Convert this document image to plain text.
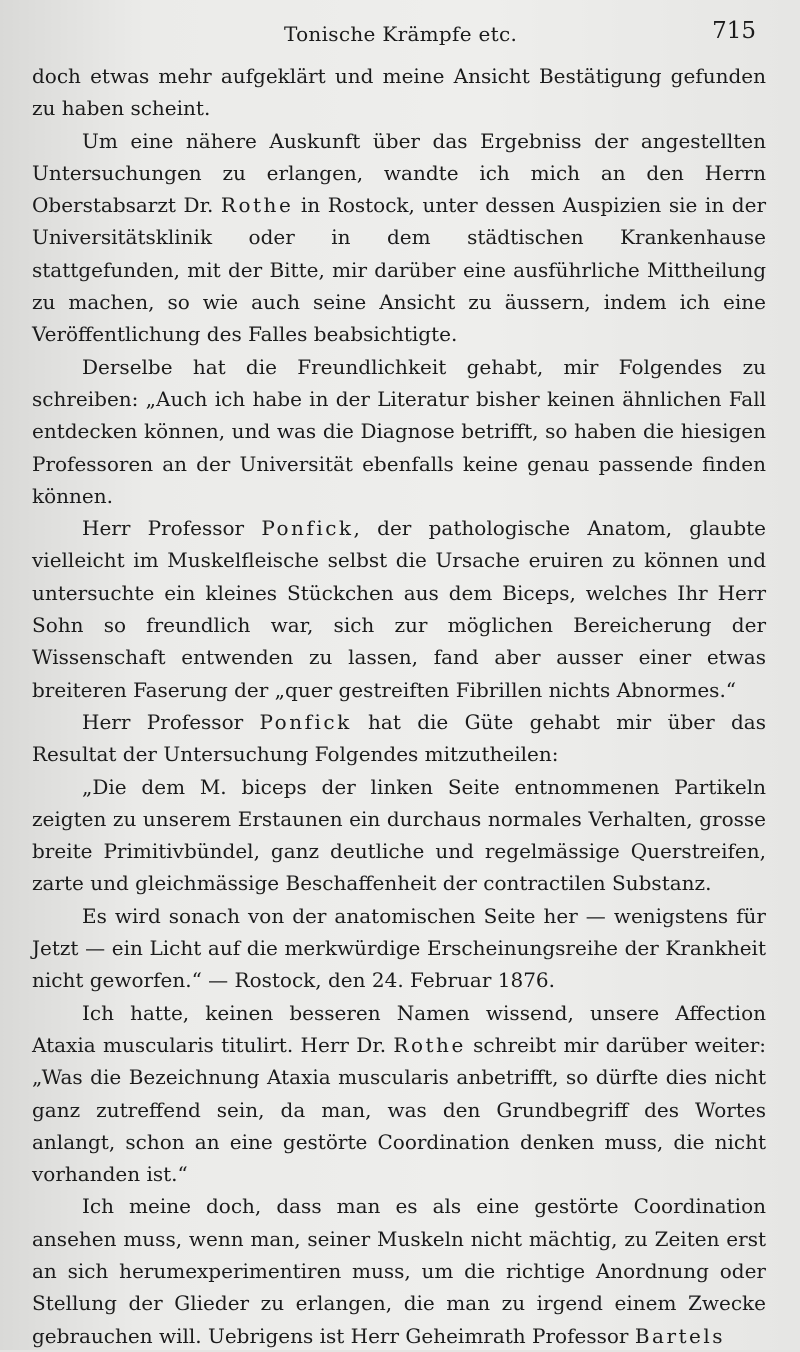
Tonische Krämpfe etc.	715

doch etwas mehr aufgeklärt und meine Ansicht Bestätigung gefunden zu haben scheint.

Um eine nähere Auskunft über das Ergebniss der angestellten Untersuchungen zu erlangen, wandte ich mich an den Herrn Oberstabsarzt Dr. Rothe in Rostock, unter dessen Auspizien sie in der Universitätsklinik oder in dem städtischen Krankenhause stattgefunden, mit der Bitte, mir darüber eine ausführliche Mittheilung zu machen, so wie auch seine Ansicht zu äussern, indem ich eine Veröffentlichung des Falles beabsichtigte.

Derselbe hat die Freundlichkeit gehabt, mir Folgendes zu schreiben: „Auch ich habe in der Literatur bisher keinen ähnlichen Fall entdecken können, und was die Diagnose betrifft, so haben die hiesigen Professoren an der Universität ebenfalls keine genau passende finden können.

Herr Professor Ponfick, der pathologische Anatom, glaubte vielleicht im Muskelfleische selbst die Ursache eruiren zu können und untersuchte ein kleines Stückchen aus dem Biceps, welches Ihr Herr Sohn so freundlich war, sich zur möglichen Bereicherung der Wissenschaft entwenden zu lassen, fand aber ausser einer etwas breiteren Faserung der „quer gestreiften Fibrillen nichts Abnormes.“

Herr Professor Ponfick hat die Güte gehabt mir über das Resultat der Untersuchung Folgendes mitzutheilen:

„Die dem M. biceps der linken Seite entnommenen Partikeln zeigten zu unserem Erstaunen ein durchaus normales Verhalten, grosse breite Primitivbündel, ganz deutliche und regelmässige Querstreifen, zarte und gleichmässige Beschaffenheit der contractilen Substanz.

Es wird sonach von der anatomischen Seite her — wenigstens für Jetzt — ein Licht auf die merkwürdige Erscheinungsreihe der Krankheit nicht geworfen.“ — Rostock, den 24. Februar 1876.

Ich hatte, keinen besseren Namen wissend, unsere Affection Ataxia muscularis titulirt. Herr Dr. Rothe schreibt mir darüber weiter: „Was die Bezeichnung Ataxia muscularis anbetrifft, so dürfte dies nicht ganz zutreffend sein, da man, was den Grundbegriff des Wortes anlangt, schon an eine gestörte Coordination denken muss, die nicht vorhanden ist.“

Ich meine doch, dass man es als eine gestörte Coordination ansehen muss, wenn man, seiner Muskeln nicht mächtig, zu Zeiten erst an sich herumexperimentiren muss, um die richtige Anordnung oder Stellung der Glieder zu erlangen, die man zu irgend einem Zwecke gebrauchen will. Uebrigens ist Herr Geheimrath Professor Bartels
